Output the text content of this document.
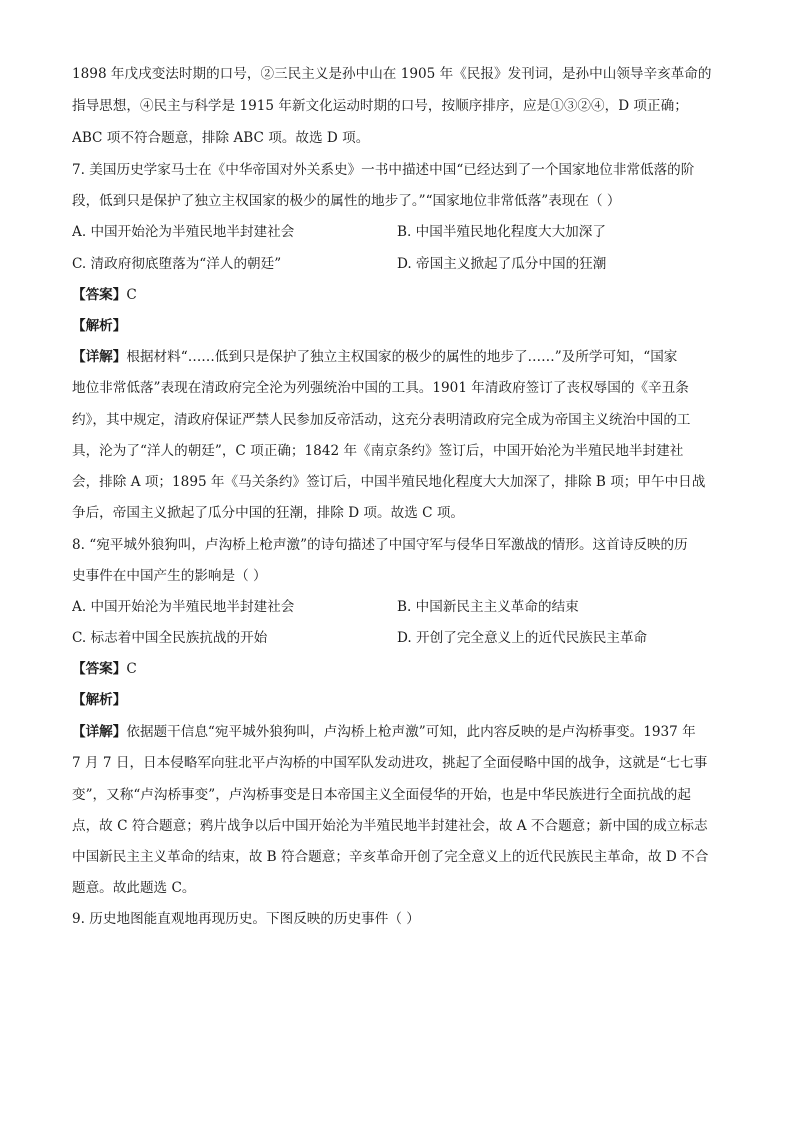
1898 年戊戌变法时期的口号，②三民主义是孙中山在 1905 年《民报》发刊词，是孙中山领导辛亥革命的
指导思想，④民主与科学是 1915 年新文化运动时期的口号，按顺序排序，应是①③②④，D 项正确；
ABC 项不符合题意，排除 ABC 项。故选 D 项。
7. 美国历史学家马士在《中华帝国对外关系史》一书中描述中国“已经达到了一个国家地位非常低落的阶
段，低到只是保护了独立主权国家的极少的属性的地步了。”“国家地位非常低落”表现在（ ）
A. 中国开始沦为半殖民地半封建社会	B. 中国半殖民地化程度大大加深了
C. 清政府彻底堕落为“洋人的朝廷”	D. 帝国主义掀起了瓜分中国的狂潮
【答案】C
【解析】
【详解】根据材料“……低到只是保护了独立主权国家的极少的属性的地步了……”及所学可知，“国家
地位非常低落”表现在清政府完全沦为列强统治中国的工具。1901 年清政府签订了丧权辱国的《辛丑条
约》，其中规定，清政府保证严禁人民参加反帝活动，这充分表明清政府完全成为帝国主义统治中国的工
具，沦为了“洋人的朝廷”，C 项正确；1842 年《南京条约》签订后，中国开始沦为半殖民地半封建社
会，排除 A 项；1895 年《马关条约》签订后，中国半殖民地化程度大大加深了，排除 B 项；甲午中日战
争后，帝国主义掀起了瓜分中国的狂潮，排除 D 项。故选 C 项。
8. “宛平城外狼狗叫，卢沟桥上枪声激”的诗句描述了中国守军与侵华日军激战的情形。这首诗反映的历
史事件在中国产生的影响是（ ）
A. 中国开始沦为半殖民地半封建社会	B. 中国新民主主义革命的结束
C. 标志着中国全民族抗战的开始	D. 开创了完全意义上的近代民族民主革命
【答案】C
【解析】
【详解】依据题干信息“宛平城外狼狗叫，卢沟桥上枪声激”可知，此内容反映的是卢沟桥事变。1937 年
7 月 7 日，日本侵略军向驻北平卢沟桥的中国军队发动进攻，挑起了全面侵略中国的战争，这就是“七七事
变”，又称“卢沟桥事变”，卢沟桥事变是日本帝国主义全面侵华的开始，也是中华民族进行全面抗战的起
点，故 C 符合题意；鸦片战争以后中国开始沦为半殖民地半封建社会，故 A 不合题意；新中国的成立标志
中国新民主主义革命的结束，故 B 符合题意；辛亥革命开创了完全意义上的近代民族民主革命，故 D 不合
题意。故此题选 C。
9. 历史地图能直观地再现历史。下图反映的历史事件（ ）
